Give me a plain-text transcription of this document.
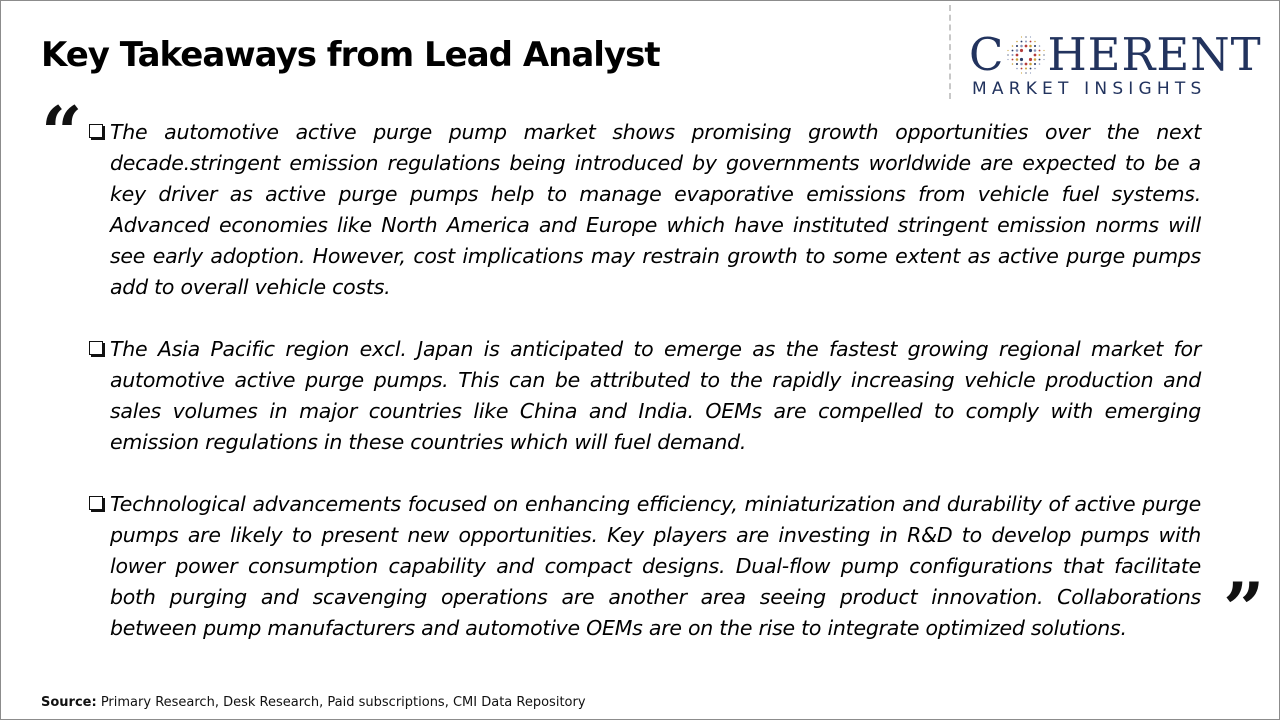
Key Takeaways from Lead Analyst	C HERENT
MARKET INSIGHTS
“ The automotive active purge pump market shows promising growth opportunities over the next decade.stringent emission regulations being introduced by governments worldwide are expected to be a key driver as active purge pumps help to manage evaporative emissions from vehicle fuel systems. Advanced economies like North America and Europe which have instituted stringent emission norms will see early adoption. However, cost implications may restrain growth to some extent as active purge pumps add to overall vehicle costs.
The Asia Pacific region excl. Japan is anticipated to emerge as the fastest growing regional market for automotive active purge pumps. This can be attributed to the rapidly increasing vehicle production and sales volumes in major countries like China and India. OEMs are compelled to comply with emerging emission regulations in these countries which will fuel demand.
Technological advancements focused on enhancing efficiency, miniaturization and durability of active purge pumps are likely to present new opportunities. Key players are investing in R&D to develop pumps with lower power consumption capability and compact designs. Dual-flow pump configurations that facilitate both purging and scavenging operations are another area seeing product innovation. Collaborations between pump manufacturers and automotive OEMs are on the rise to integrate optimized solutions.	”
Source: Primary Research, Desk Research, Paid subscriptions, CMI Data Repository
